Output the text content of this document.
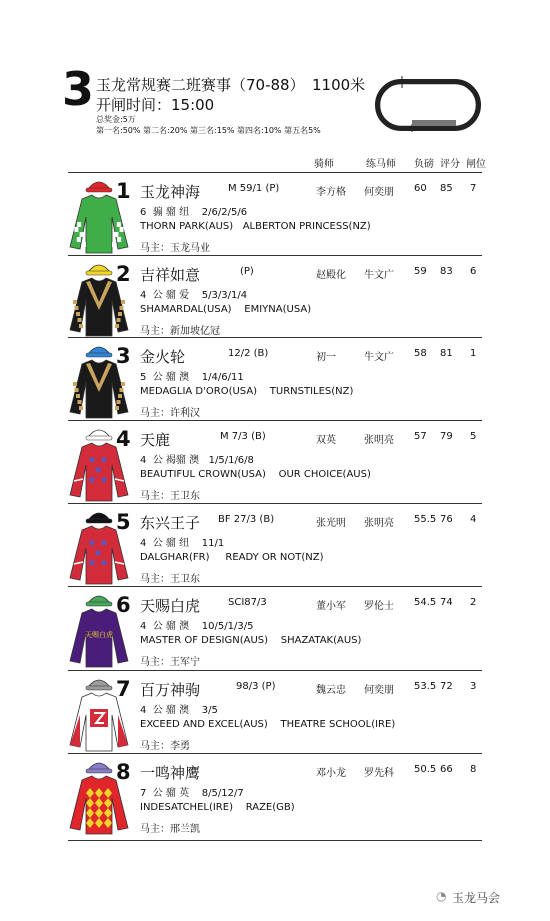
3 玉龙常规赛二班赛事（70-88） 1100米
开闸时间：15:00
总奖金:5万
第一名:50% 第二名:20% 第三名:15% 第四名:10% 第五名5%
骑师	练马师 负磅 评分 闸位
1 玉龙神海	M 59/1 (P)	李方格 何奕朋 60 85 7
6  骟 骝 纽    2/6/2/5/6
THORN PARK(AUS)   ALBERTON PRINCESS(NZ)
马主：玉龙马业
2 吉祥如意	(P)	赵殿化 牛文广 59 83 6
4  公 骝 爱    5/3/3/1/4
SHAMARDAL(USA)    EMIYNA(USA)
马主：新加坡亿冠
3 金火轮	12/2 (B)	初一	牛文广 58 81 1
5  公 骝 澳    1/4/6/11
MEDAGLIA D'ORO(USA)    TURNSTILES(NZ)
马主：许利汉
★ ★
★
★ ★
4 天鹿	M 7/3 (B)	双英	张明亮 57 79 5
4  公 褐骝 澳   1/5/1/6/8
BEAUTIFUL CROWN(USA)    OUR CHOICE(AUS)
马主：王卫东
★ ★
★
★ ★
5 东兴王子 BF 27/3 (B)	张光明 张明亮 55.5 76 4
4  公 骝 纽    11/1
DALGHAR(FR)     READY OR NOT(NZ)
马主：王卫东
天赐白虎
6 天赐白虎	SCI87/3	董小军 罗伦士 54.5 74 2
4  公 骝 澳    10/5/1/3/5
MASTER OF DESIGN(AUS)    SHAZATAK(AUS)
马主：王军宁
7 百万神驹	98/3 (P)	魏云忠 何奕朋 53.5 72 3
4  公 骝 澳    3/5
EXCEED AND EXCEL(AUS)    THEATRE SCHOOL(IRE)
马主：李勇
8 一鸣神鹰	邓小龙 罗先科 50.5 66 8
7  公 骝 英    8/5/12/7
INDESATCHEL(IRE)    RAZE(GB)
马主：邢兰凯
◔ 玉龙马会
